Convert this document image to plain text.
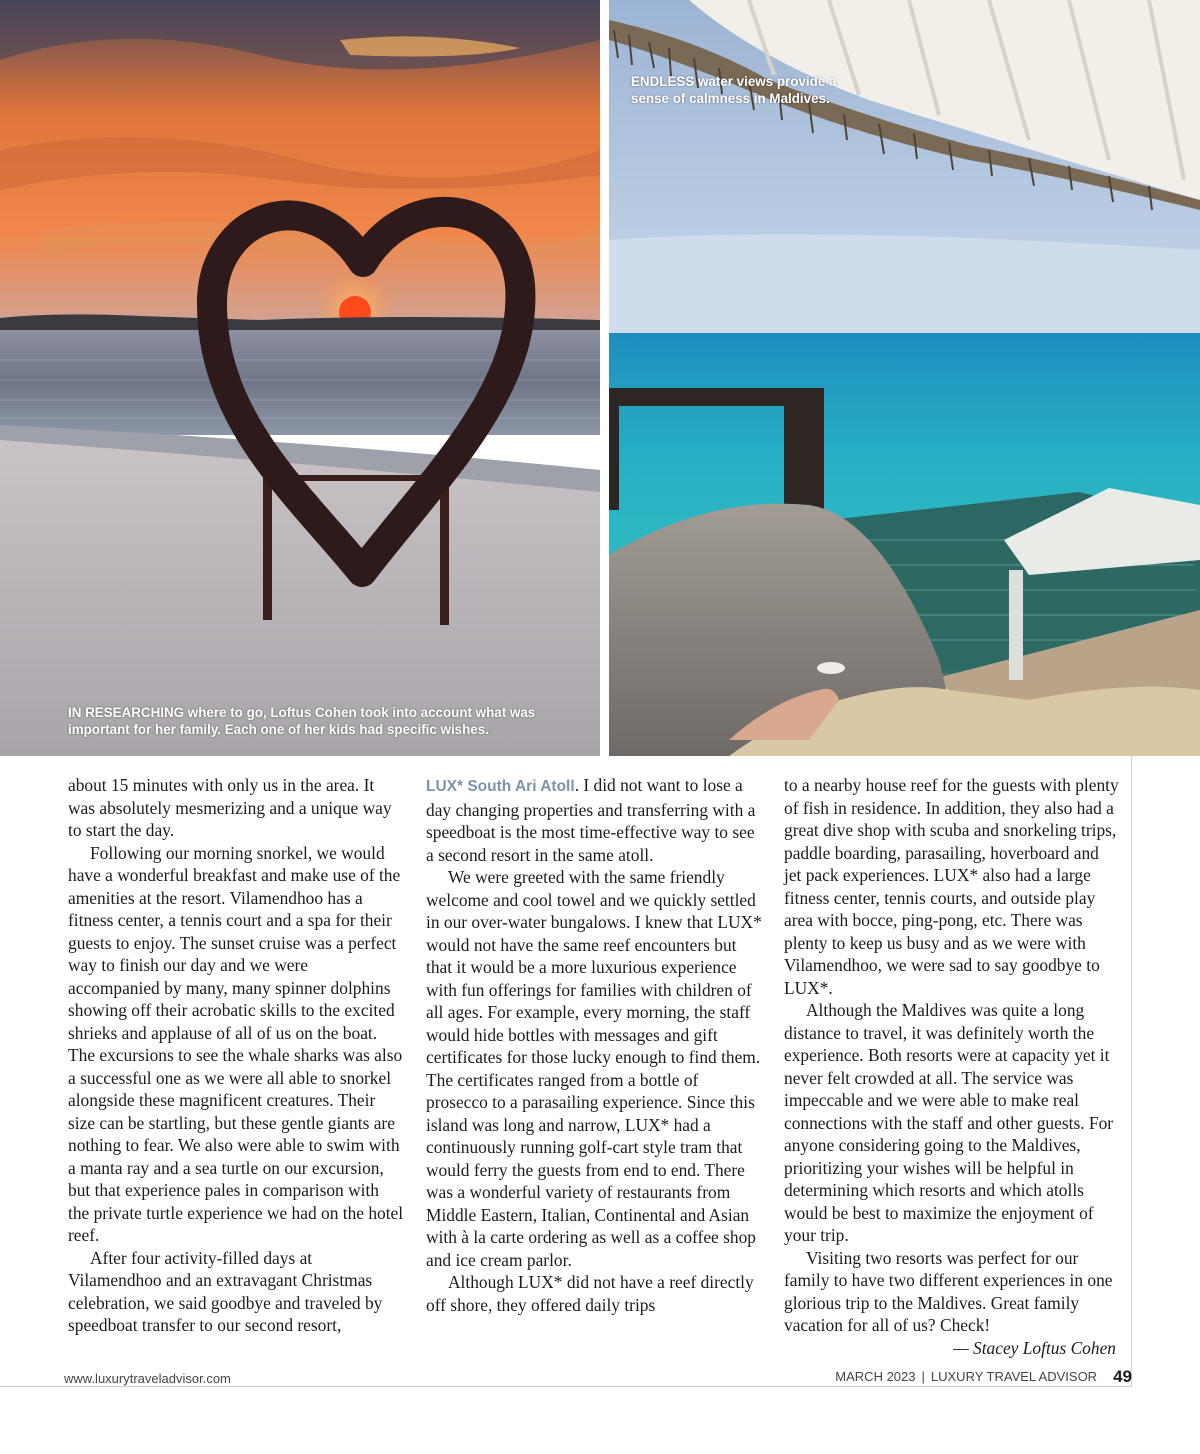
IN RESEARCHING where to go, Loftus Cohen took into account what was important for her family. Each one of her kids had specific wishes.
ENDLESS water views provide a sense of calmness in Maldives.

about 15 minutes with only us in the area. It was absolutely mesmerizing and a unique way to start the day.

Following our morning snorkel, we would have a wonderful breakfast and make use of the amenities at the resort. Vilamendhoo has a fitness center, a tennis court and a spa for their guests to enjoy. The sunset cruise was a perfect way to finish our day and we were accompanied by many, many spinner dolphins showing off their acrobatic skills to the excited shrieks and applause of all of us on the boat. The excursions to see the whale sharks was also a successful one as we were all able to snorkel alongside these magnificent creatures. Their size can be startling, but these gentle giants are nothing to fear. We also were able to swim with a manta ray and a sea turtle on our excursion, but that experience pales in comparison with the private turtle experience we had on the hotel reef.

After four activity-filled days at Vilamendhoo and an extravagant Christmas celebration, we said goodbye and traveled by speedboat transfer to our second resort,

LUX* South Ari Atoll. I did not want to lose a day changing properties and transferring with a speedboat is the most time-effective way to see a second resort in the same atoll.

We were greeted with the same friendly welcome and cool towel and we quickly settled in our over-water bungalows. I knew that LUX* would not have the same reef encounters but that it would be a more luxurious experience with fun offerings for families with children of all ages. For example, every morning, the staff would hide bottles with messages and gift certificates for those lucky enough to find them. The certificates ranged from a bottle of prosecco to a parasailing experience. Since this island was long and narrow, LUX* had a continuously running golf-cart style tram that would ferry the guests from end to end. There was a wonderful variety of restaurants from Middle Eastern, Italian, Continental and Asian with à la carte ordering as well as a coffee shop and ice cream parlor.

Although LUX* did not have a reef directly off shore, they offered daily trips

to a nearby house reef for the guests with plenty of fish in residence. In addition, they also had a great dive shop with scuba and snorkeling trips, paddle boarding, parasailing, hoverboard and jet pack experiences. LUX* also had a large fitness center, tennis courts, and outside play area with bocce, ping-pong, etc. There was plenty to keep us busy and as we were with Vilamendhoo, we were sad to say goodbye to LUX*.

Although the Maldives was quite a long distance to travel, it was definitely worth the experience. Both resorts were at capacity yet it never felt crowded at all. The service was impeccable and we were able to make real connections with the staff and other guests. For anyone considering going to the Maldives, prioritizing your wishes will be helpful in determining which resorts and which atolls would be best to maximize the enjoyment of your trip.

Visiting two resorts was perfect for our family to have two different experiences in one glorious trip to the Maldives. Great family vacation for all of us? Check!

— Stacey Loftus Cohen

www.luxurytraveladvisor.com	MARCH 2023 | LUXURY TRAVEL ADVISOR 49
